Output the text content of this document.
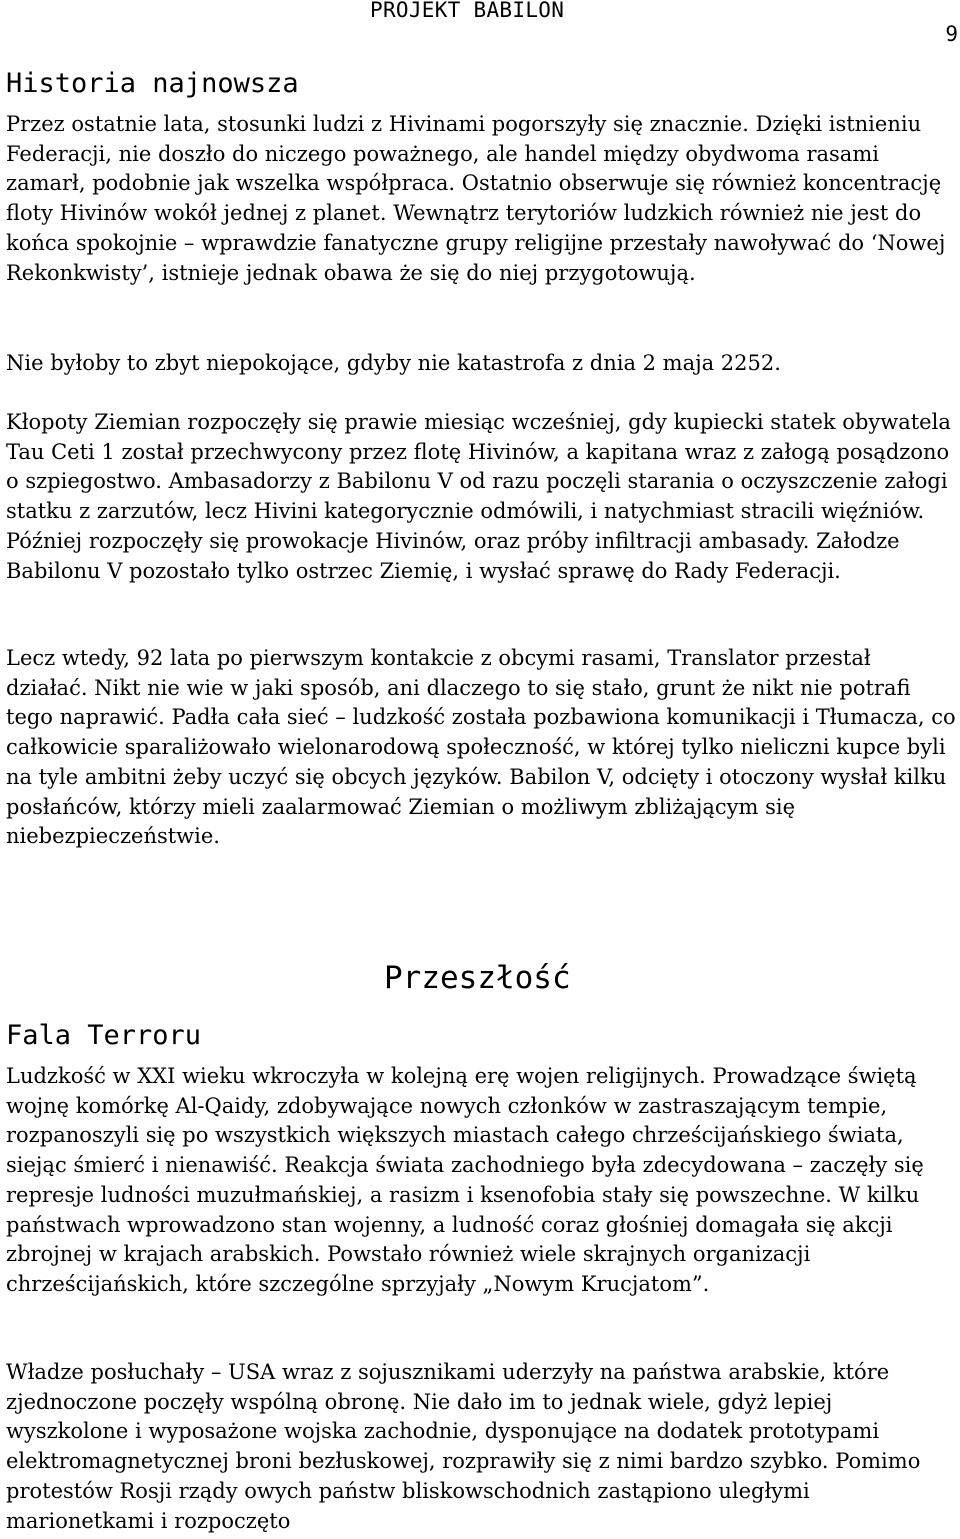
PROJEKT BABILON
9
Historia najnowsza

Przez ostatnie lata, stosunki ludzi z Hivinami pogorszyły się znacznie. Dzięki istnieniu Federacji, nie doszło do niczego poważnego, ale handel między obydwoma rasami zamarł, podobnie jak wszelka współpraca. Ostatnio obserwuje się również koncentrację floty Hivinów wokół jednej z planet. Wewnątrz terytoriów ludzkich również nie jest do końca spokojnie – wprawdzie fanatyczne grupy religijne przestały nawoływać do ‘Nowej Rekonkwisty’, istnieje jednak obawa że się do niej przygotowują.

Nie byłoby to zbyt niepokojące, gdyby nie katastrofa z dnia 2 maja 2252.

Kłopoty Ziemian rozpoczęły się prawie miesiąc wcześniej, gdy kupiecki statek obywatela Tau Ceti 1 został przechwycony przez flotę Hivinów, a kapitana wraz z załogą posądzono o szpiegostwo. Ambasadorzy z Babilonu V od razu poczęli starania o oczyszczenie załogi statku z zarzutów, lecz Hivini kategorycznie odmówili, i natychmiast stracili więźniów. Później rozpoczęły się prowokacje Hivinów, oraz próby infiltracji ambasady. Załodze Babilonu V pozostało tylko ostrzec Ziemię, i wysłać sprawę do Rady Federacji.

Lecz wtedy, 92 lata po pierwszym kontakcie z obcymi rasami, Translator przestał działać. Nikt nie wie w jaki sposób, ani dlaczego to się stało, grunt że nikt nie potrafi tego naprawić. Padła cała sieć – ludzkość została pozbawiona komunikacji i Tłumacza, co całkowicie sparaliżowało wielonarodową społeczność, w której tylko nieliczni kupce byli na tyle ambitni żeby uczyć się obcych języków. Babilon V, odcięty i otoczony wysłał kilku posłańców, którzy mieli zaalarmować Ziemian o możliwym zbliżającym się niebezpieczeństwie.

Przeszłość
Fala Terroru

Ludzkość w XXI wieku wkroczyła w kolejną erę wojen religijnych. Prowadzące świętą wojnę komórkę Al-Qaidy, zdobywające nowych członków w zastraszającym tempie, rozpanoszyli się po wszystkich większych miastach całego chrześcijańskiego świata, siejąc śmierć i nienawiść. Reakcja świata zachodniego była zdecydowana – zaczęły się represje ludności muzułmańskiej, a rasizm i ksenofobia stały się powszechne. W kilku państwach wprowadzono stan wojenny, a ludność coraz głośniej domagała się akcji zbrojnej w krajach arabskich. Powstało również wiele skrajnych organizacji chrześcijańskich, które szczególne sprzyjały „Nowym Krucjatom”.

Władze posłuchały – USA wraz z sojusznikami uderzyły na państwa arabskie, które zjednoczone poczęły wspólną obronę. Nie dało im to jednak wiele, gdyż lepiej wyszkolone i wyposażone wojska zachodnie, dysponujące na dodatek prototypami elektromagnetycznej broni bezłuskowej, rozprawiły się z nimi bardzo szybko. Pomimo protestów Rosji rządy owych państw bliskowschodnich zastąpiono uległymi marionetkami i rozpoczęto
